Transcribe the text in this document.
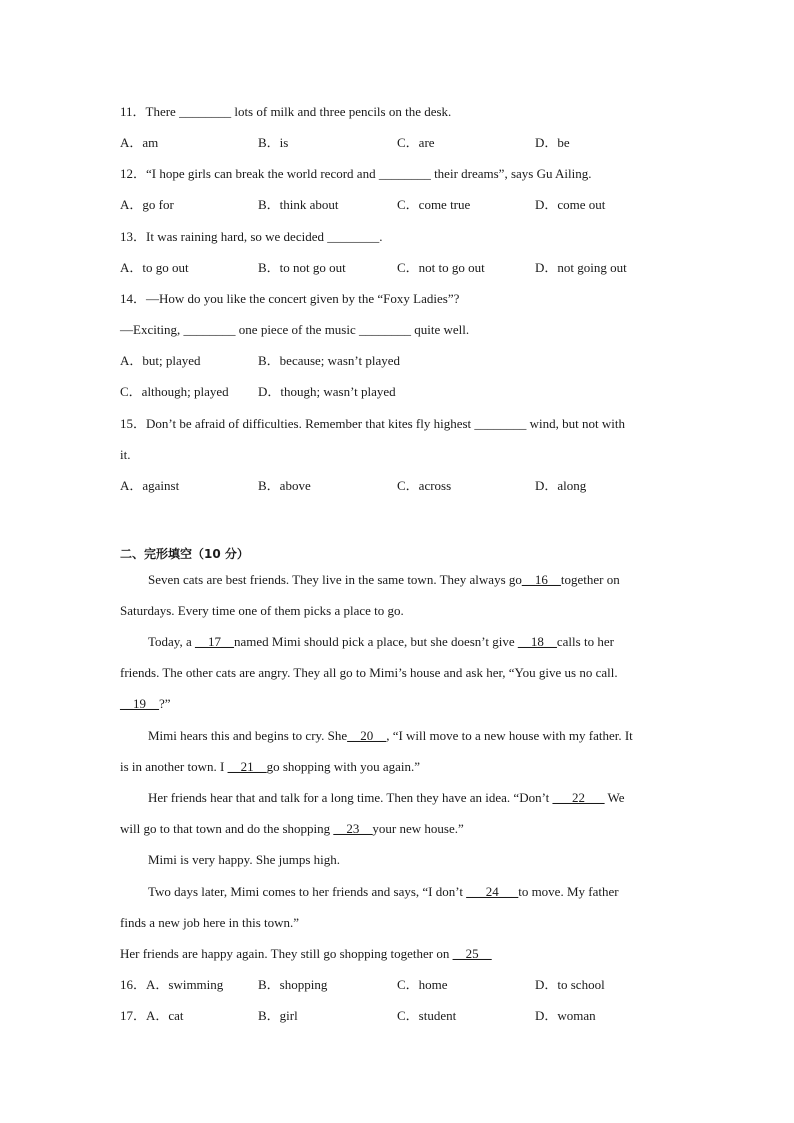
11．There ________ lots of milk and three pencils on the desk.
A．am	B．is	C．are	D．be
12．“I hope girls can break the world record and ________ their dreams”, says Gu Ailing.
A．go for	B．think about	C．come true	D．come out
13．It was raining hard, so we decided ________.
A．to go out	B．to not go out	C．not to go out	D．not going out
14．—How do you like the concert given by the “Foxy Ladies”?
—Exciting, ________ one piece of the music ________ quite well.
A．but; played	B．because; wasn’t played
C．although; played D．though; wasn’t played
15．Don’t be afraid of difficulties. Remember that kites fly highest ________ wind, but not with
it.
A．against	B．above	C．across	D．along
二、完形填空（10 分）
Seven cats are best friends. They live in the same town. They always go__16__together on
Saturdays. Every time one of them picks a place to go.
Today, a __17__named Mimi should pick a place, but she doesn’t give __18__calls to her
friends. The other cats are angry. They all go to Mimi’s house and ask her, “You give us no call.
__19__?”
Mimi hears this and begins to cry. She__20__, “I will move to a new house with my father. It
is in another town. I __21__go shopping with you again.”
Her friends hear that and talk for a long time. Then they have an idea. “Don’t ___22___ We
will go to that town and do the shopping __23__your new house.”
Mimi is very happy. She jumps high.
Two days later, Mimi comes to her friends and says, “I don’t ___24___to move. My father
finds a new job here in this town.”
Her friends are happy again. They still go shopping together on __25__
16．A．swimming	B．shopping	C．home	D．to school
17．A．cat	B．girl	C．student	D．woman
